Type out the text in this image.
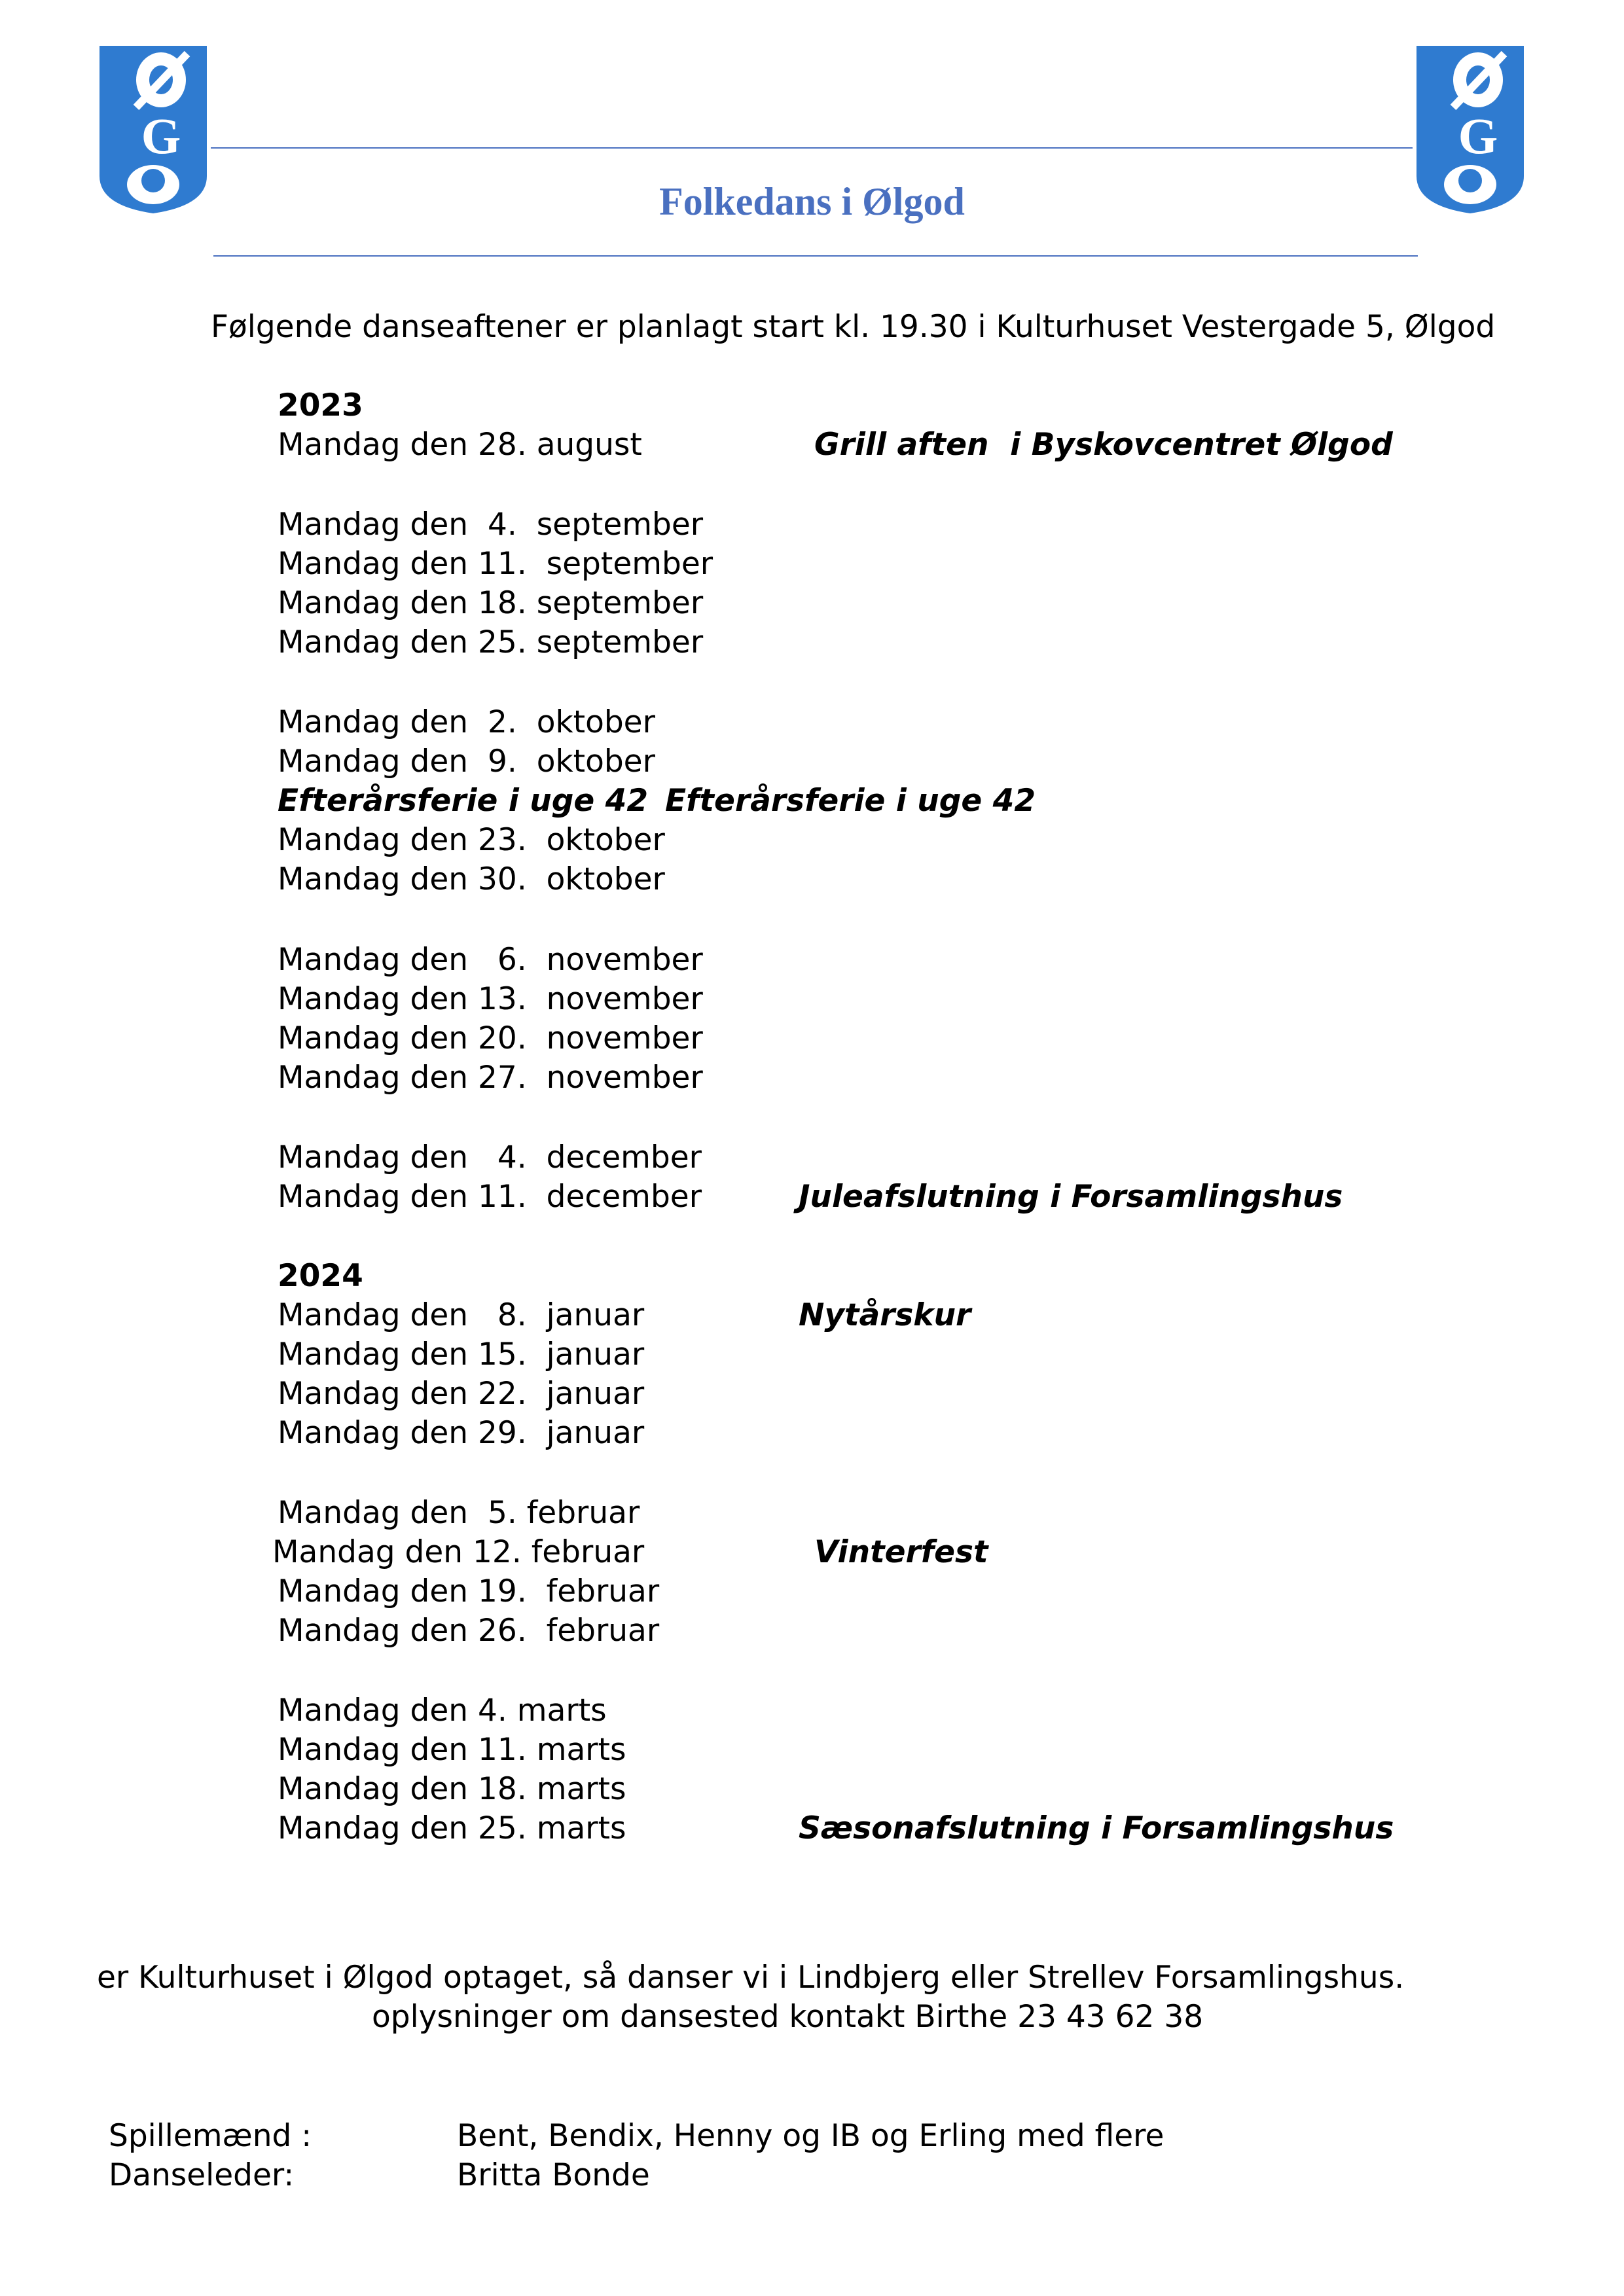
G	G
Folkedans i Ølgod
Følgende danseaftener er planlagt start kl. 19.30 i Kulturhuset Vestergade 5, Ølgod
2023
Mandag den 28. august	Grill aften  i Byskovcentret Ølgod
Mandag den  4.  september
Mandag den 11.  september
Mandag den 18. september
Mandag den 25. september
Mandag den  2.  oktober
Mandag den  9.  oktober
Efterårsferie i uge 42 Efterårsferie i uge 42
Mandag den 23.  oktober
Mandag den 30.  oktober
Mandag den   6.  november
Mandag den 13.  november
Mandag den 20.  november
Mandag den 27.  november
Mandag den   4.  december
Mandag den 11.  december	Juleafslutning i Forsamlingshus
2024
Mandag den   8.  januar	Nytårskur
Mandag den 15.  januar
Mandag den 22.  januar
Mandag den 29.  januar
Mandag den  5. februar
Mandag den 12. februar	Vinterfest
Mandag den 19.  februar
Mandag den 26.  februar
Mandag den 4. marts
Mandag den 11. marts
Mandag den 18. marts
Mandag den 25. marts	Sæsonafslutning i Forsamlingshus
er Kulturhuset i Ølgod optaget, så danser vi i Lindbjerg eller Strellev Forsamlingshus.
oplysninger om dansested kontakt Birthe 23 43 62 38
Spillemænd :	Bent, Bendix, Henny og IB og Erling med flere
Danseleder:	Britta Bonde
